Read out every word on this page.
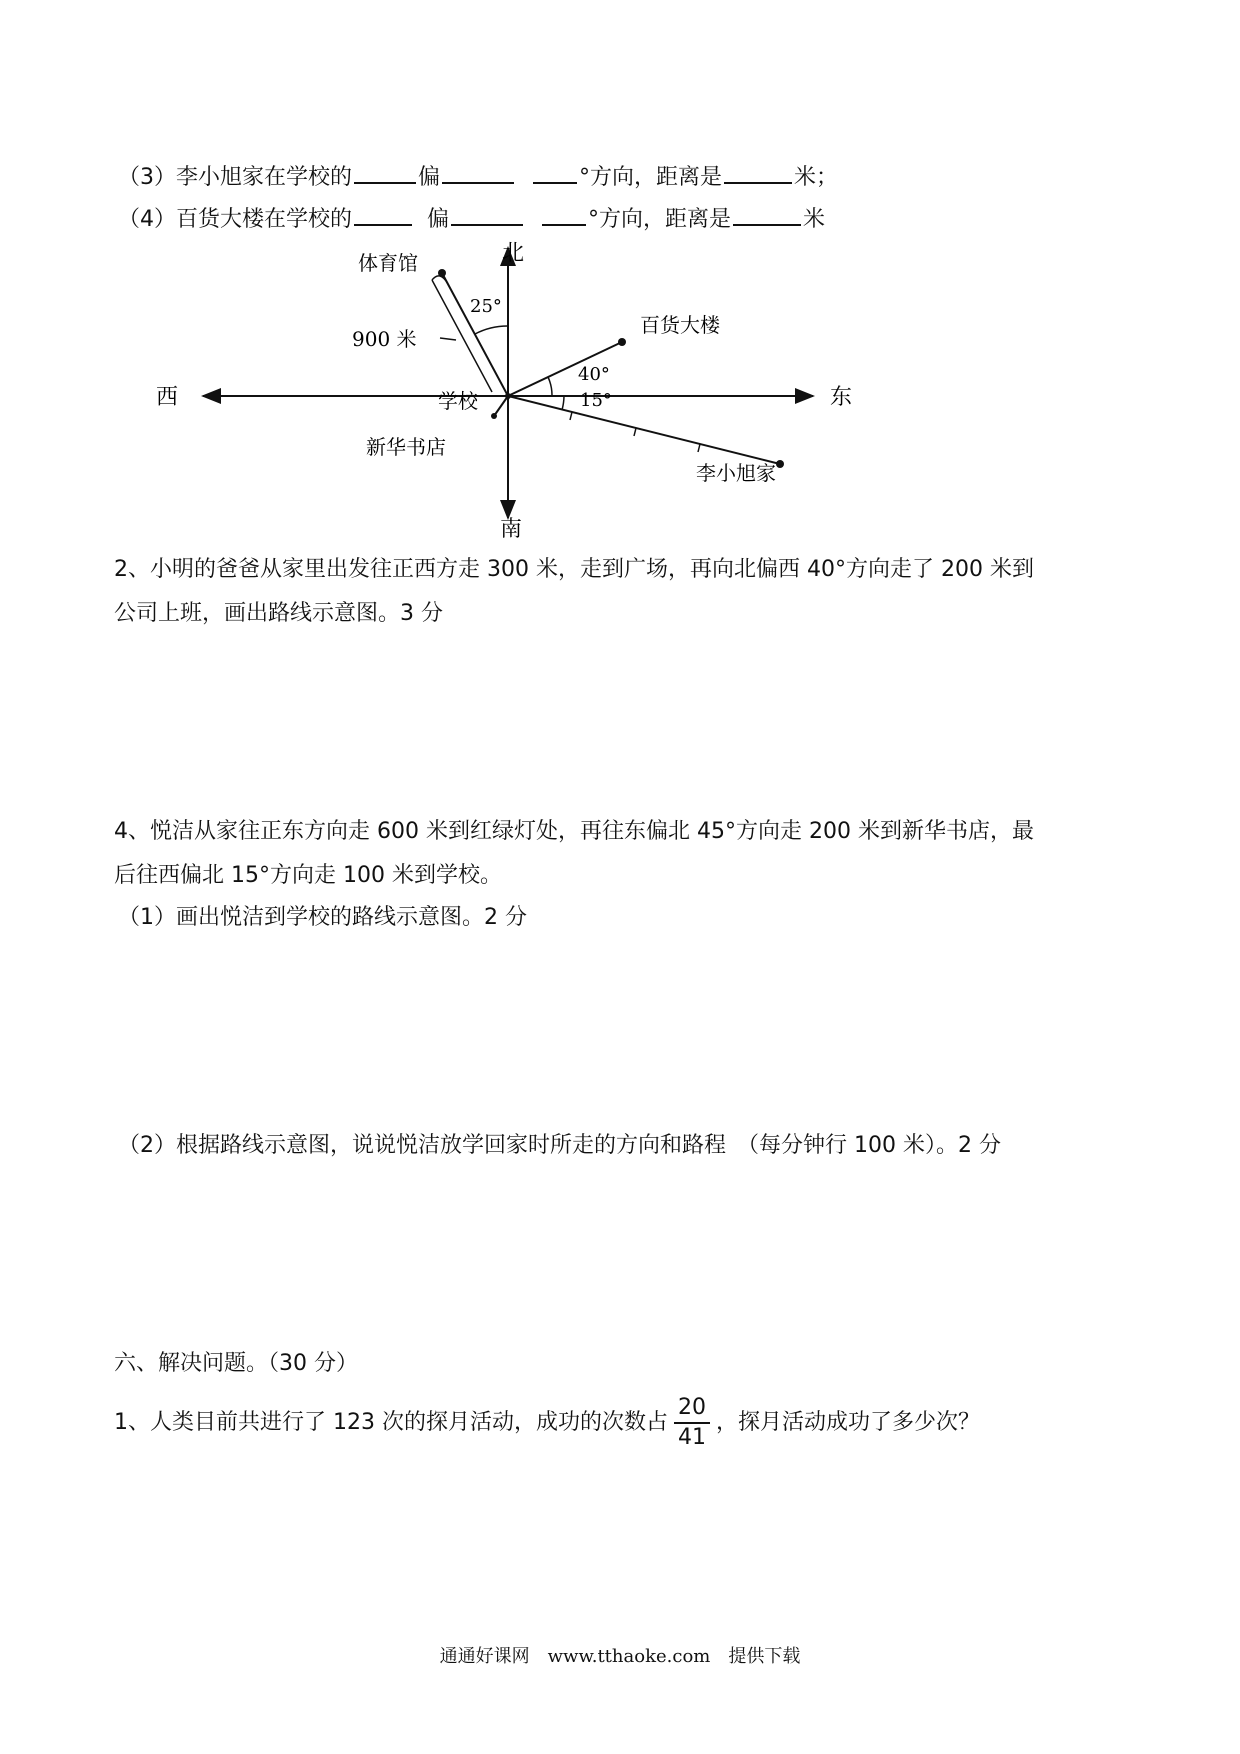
（3）李小旭家在学校的	偏	°方向，距离是	米；
（4）百货大楼在学校的	偏	°方向，距离是	米
北
南
西	东
25°
体育馆
900 米
40°
百货大楼
15°
李小旭家
新华书店
学校
2、小明的爸爸从家里出发往正西方走 300 米，走到广场，再向北偏西 40°方向走了 200 米到
公司上班，画出路线示意图。3 分
4、悦洁从家往正东方向走 600 米到红绿灯处，再往东偏北 45°方向走 200 米到新华书店，最
后往西偏北 15°方向走 100 米到学校。
（1）画出悦洁到学校的路线示意图。2 分
（2）根据路线示意图，说说悦洁放学回家时所走的方向和路程　（每分钟行 100 米）。2 分
六、解决问题。（30 分）
1、人类目前共进行了 123 次的探月活动，成功的次数占 $\frac{20}{41}$ ，探月活动成功了多少次？
通通好课网　www.tthaoke.com　提供下载
